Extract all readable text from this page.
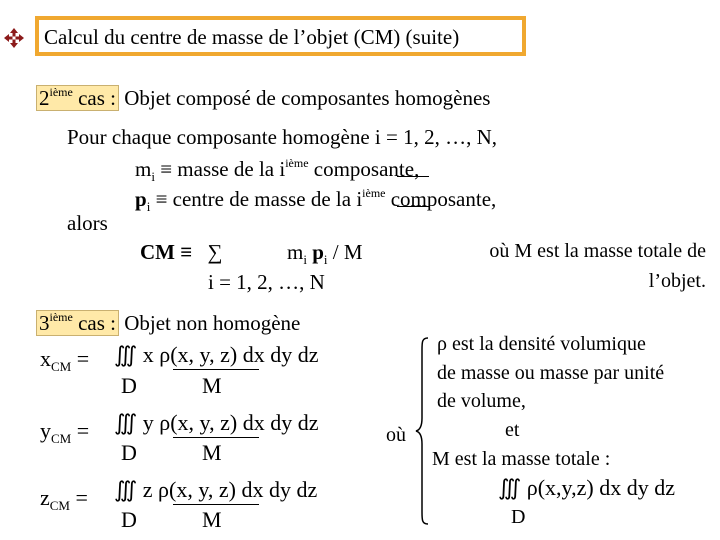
Calcul du centre de masse de l’objet (CM) (suite)
2ième cas : Objet composé de composantes homogènes
Pour chaque composante homogène i = 1, 2, …, N,
$m_i$ ≡ masse de la $i^{ième}$ composante,
$p_i$ ≡ centre de masse de la $i^{ième}$ composante,
alors
CM ≡ ∑	$m_i$ $p_i$ / M
i = 1, 2, …, N
où M est la masse totale de
l’objet.
3ième cas : Objet non homogène
$x_{CM}$ = ∭ x ρ(x, y, z) dx dy dz
D	M
$y_{CM}$ = ∭ y ρ(x, y, z) dx dy dz
D	M
$z_{CM}$ = ∭ z ρ(x, y, z) dx dy dz
D	M
où
ρ est la densité volumique
de masse ou masse par unité
de volume,
et
M est la masse totale :
∭ ρ(x,y,z) dx dy dz
D
